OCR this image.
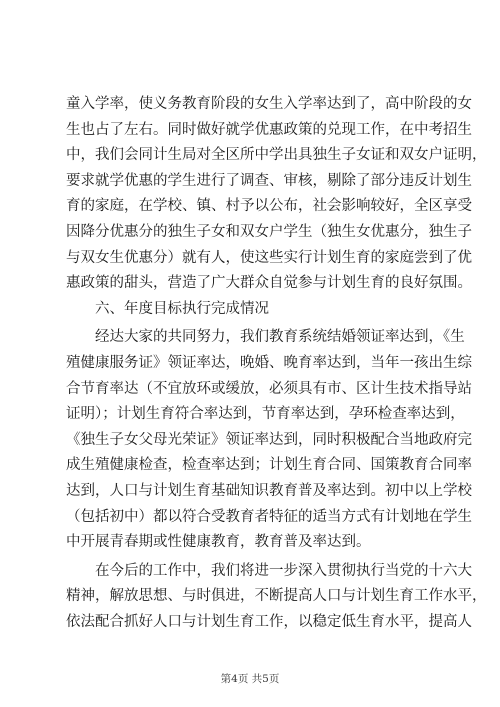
童入学率，使义务教育阶段的女生入学率达到了，高中阶段的女
生也占了左右。同时做好就学优惠政策的兑现工作，在中考招生
中，我们会同计生局对全区所中学出具独生子女证和双女户证明，
要求就学优惠的学生进行了调查、审核，剔除了部分违反计划生
育的家庭，在学校、镇、村予以公布，社会影响较好，全区享受
因降分优惠分的独生子女和双女户学生（独生女优惠分，独生子
与双女生优惠分）就有人，使这些实行计划生育的家庭尝到了优
惠政策的甜头，营造了广大群众自觉参与计划生育的良好氛围。
六、年度目标执行完成情况
经达大家的共同努力，我们教育系统结婚领证率达到，《生
殖健康服务证》领证率达，晚婚、晚育率达到，当年一孩出生综
合节育率达（不宜放环或缓放，必须具有市、区计生技术指导站
证明）；计划生育符合率达到，节育率达到，孕环检查率达到，
《独生子女父母光荣证》领证率达到，同时积极配合当地政府完
成生殖健康检查，检查率达到；计划生育合同、国策教育合同率
达到，人口与计划生育基础知识教育普及率达到。初中以上学校
（包括初中）都以符合受教育者特征的适当方式有计划地在学生
中开展青春期或性健康教育，教育普及率达到。
在今后的工作中，我们将进一步深入贯彻执行当党的十六大
精神，解放思想、与时俱进，不断提高人口与计划生育工作水平，
依法配合抓好人口与计划生育工作，以稳定低生育水平，提高人
第4页 共5页
